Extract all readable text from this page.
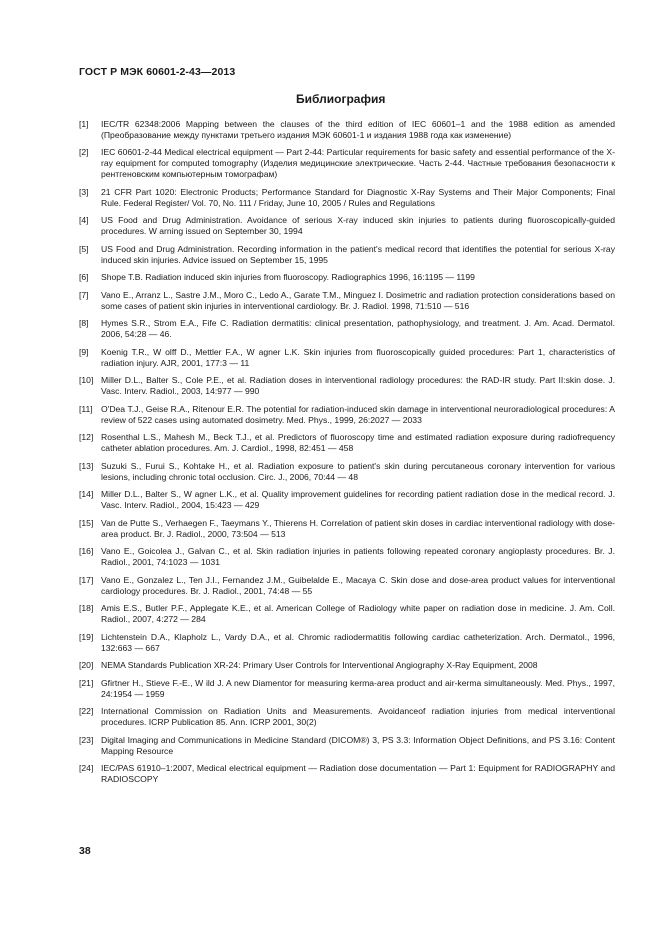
ГОСТ Р МЭК 60601-2-43—2013
Библиография
[1]	IEC/TR 62348:2006 Mapping between the clauses of the third edition of IEC 60601–1 and the 1988 edition as amended (Преобразование между пунктами третьего издания МЭК 60601-1 и издания 1988 года как изменение)
[2]	IEC 60601-2-44 Medical electrical equipment — Part 2-44: Particular requirements for basic safety and essential performance of the X-ray equipment for computed tomography (Изделия медицинские электрические. Часть 2-44. Частные требования безопасности к рентгеновским компьютерным томографам)
[3]	21 CFR Part 1020: Electronic Products; Performance Standard for Diagnostic X-Ray Systems and Their Major Components; Final Rule. Federal Register/ Vol. 70, No. 111 / Friday, June 10, 2005 / Rules and Regulations
[4]	US Food and Drug Administration. Avoidance of serious X-ray induced skin injuries to patients during fluoroscopically-guided procedures. W arning issued on September 30, 1994
[5]	US Food and Drug Administration. Recording information in the patient's medical record that identifies the potential for serious X-ray induced skin injuries. Advice issued on September 15, 1995
[6]	Shope T.B. Radiation induced skin injuries from fluoroscopy. Radiographics 1996, 16:1195 — 1199
[7]	Vano E., Arranz L., Sastre J.M., Moro C., Ledo A., Garate T.M., Minguez I. Dosimetric and radiation protection considerations based on some cases of patient skin injuries in interventional cardiology. Br. J. Radiol. 1998, 71:510 — 516
[8]	Hymes S.R., Strom E.A., Fife C. Radiation dermatitis: clinical presentation, pathophysiology, and treatment. J. Am. Acad. Dermatol. 2006, 54:28 — 46.
[9]	Koenig T.R., W olff D., Mettler F.A., W agner L.K. Skin injuries from fluoroscopically guided procedures: Part 1, characteristics of radiation injury. AJR, 2001, 177:3 — 11
[10] Miller D.L., Balter S., Cole P.E., et al. Radiation doses in interventional radiology procedures: the RAD-IR study. Part II:skin dose. J. Vasc. Interv. Radiol., 2003, 14:977 — 990
[11] O'Dea T.J., Geise R.A., Ritenour E.R. The potential for radiation-induced skin damage in interventional neuroradiological procedures: A review of 522 cases using automated dosimetry. Med. Phys., 1999, 26:2027 — 2033
[12] Rosenthal L.S., Mahesh M., Beck T.J., et al. Predictors of fluoroscopy time and estimated radiation exposure during radiofrequency catheter ablation procedures. Am. J. Cardiol., 1998, 82:451 — 458
[13] Suzuki S., Furui S., Kohtake H., et al. Radiation exposure to patient's skin during percutaneous coronary intervention for various lesions, including chronic total occlusion. Circ. J., 2006, 70:44 — 48
[14] Miller D.L., Balter S., W agner L.K., et al. Quality improvement guidelines for recording patient radiation dose in the medical record. J. Vasc. Interv. Radiol., 2004, 15:423 — 429
[15] Van de Putte S., Verhaegen F., Taeymans Y., Thierens H. Correlation of patient skin doses in cardiac interventional radiology with dose-area product. Br. J. Radiol., 2000, 73:504 — 513
[16] Vano E., Goicolea J., Galvan C., et al. Skin radiation injuries in patients following repeated coronary angioplasty procedures. Br. J. Radiol., 2001, 74:1023 — 1031
[17] Vano E., Gonzalez L., Ten J.I., Fernandez J.M., Guibelalde E., Macaya C. Skin dose and dose-area product values for interventional cardiology procedures. Br. J. Radiol., 2001, 74:48 — 55
[18] Amis E.S., Butler P.F., Applegate K.E., et al. American College of Radiology white paper on radiation dose in medicine. J. Am. Coll. Radiol., 2007, 4:272 — 284
[19] Lichtenstein D.A., Klapholz L., Vardy D.A., et al. Chromic radiodermatitis following cardiac catheterization. Arch. Dermatol., 1996, 132:663 — 667
[20] NEMA Standards Publication XR-24: Primary User Controls for Interventional Angiography X-Ray Equipment, 2008
[21] Gfirtner H., Stieve F.-E., W ild J. A new Diamentor for measuring kerma-area product and air-kerma simultaneously. Med. Phys., 1997, 24:1954 — 1959
[22] International Commission on Radiation Units and Measurements. Avoidanceof radiation injuries from medical interventional procedures. ICRP Publication 85. Ann. ICRP 2001, 30(2)
[23] Digital Imaging and Communications in Medicine Standard (DICOM®) 3, PS 3.3: Information Object Definitions, and PS 3.16: Content Mapping Resource
[24] IEC/PAS 61910–1:2007, Medical electrical equipment — Radiation dose documentation — Part 1: Equipment for RADIOGRAPHY and RADIOSCOPY
38
